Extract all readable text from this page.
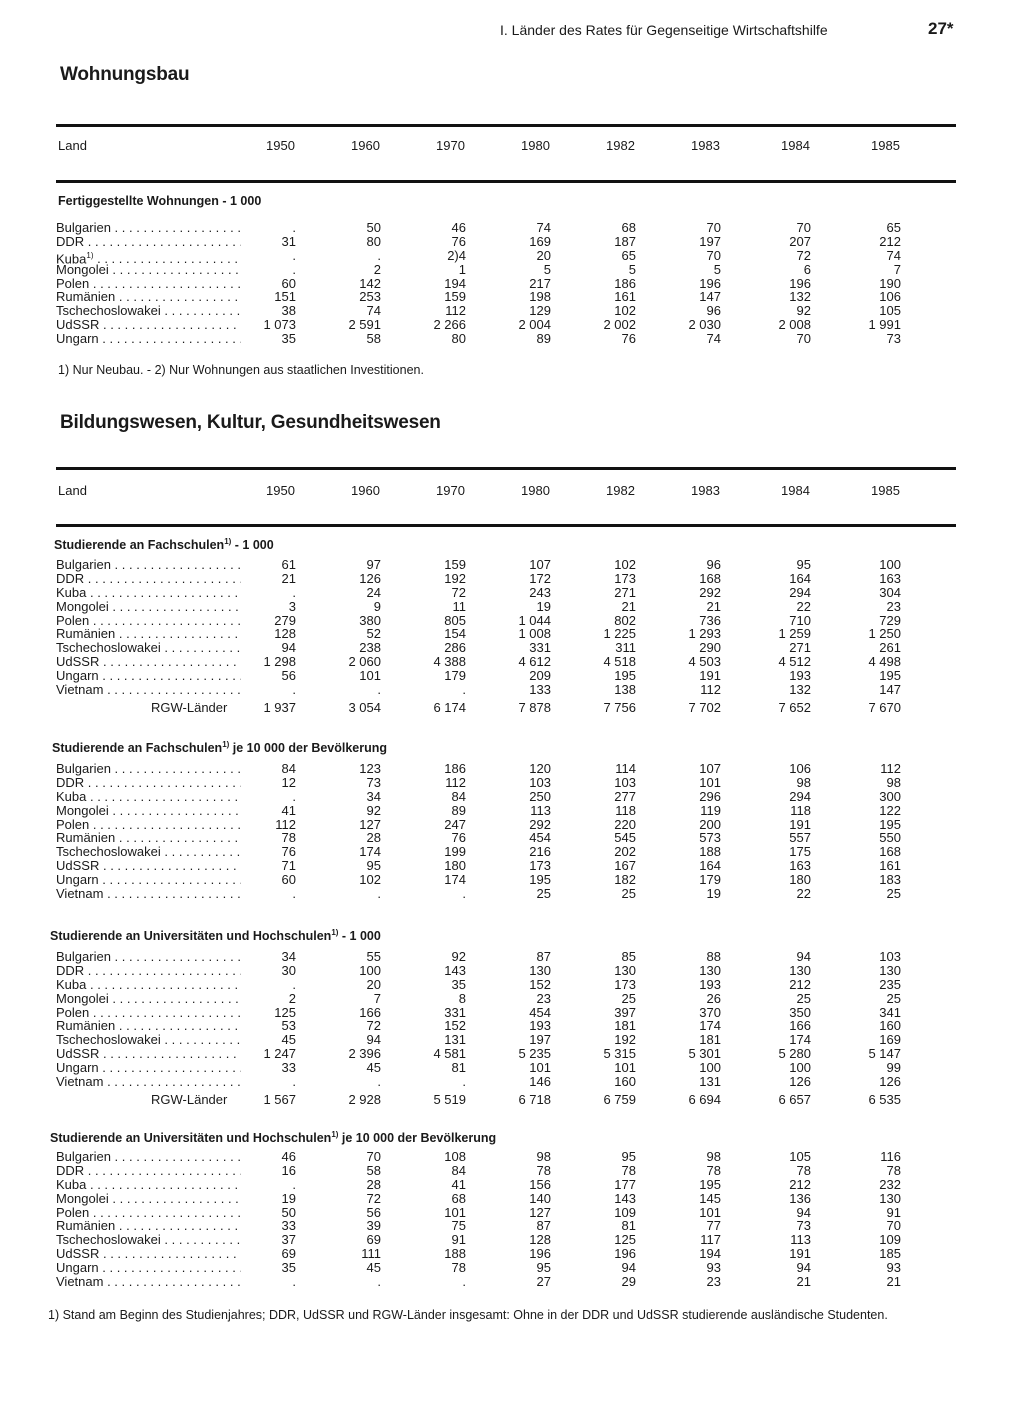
I. Länder des Rates für Gegenseitige Wirtschaftshilfe	27*
Wohnungsbau
Land	1950	1960	1970	1980	1982	1983	1984	1985
Fertiggestellte Wohnungen - 1 000
Bulgarien . . .	.	50	46	74	68	70	70	65
DDR . . .	31	80	76	169	187	197	207	212
Kuba$^{1)}$ . . .	.	.	2)4	20	65	70	72	74
Mongolei . . .	.	2	1	5	5	5	6	7
Polen . . .	60	142	194	217	186	196	196	190
Rumänien . . .	151	253	159	198	161	147	132	106
Tschechoslowakei . . .	38	74	112	129	102	96	92	105
UdSSR . . .	1 073	2 591	2 266	2 004	2 002	2 030	2 008	1 991
Ungarn . . .	35	58	80	89	76	74	70	73
1) Nur Neubau. - 2) Nur Wohnungen aus staatlichen Investitionen.
Bildungswesen, Kultur, Gesundheitswesen
Land	1950	1960	1970	1980	1982	1983	1984	1985
Studierende an Fachschulen$^{1)}$ - 1 000
Bulgarien . . .	61	97	159	107	102	96	95	100
DDR . . .	21	126	192	172	173	168	164	163
Kuba . . .	.	24	72	243	271	292	294	304
Mongolei . . .	3	9	11	19	21	21	22	23
Polen . . .	279	380	805	1 044	802	736	710	729
Rumänien . . .	128	52	154	1 008	1 225	1 293	1 259	1 250
Tschechoslowakei . . .	94	238	286	331	311	290	271	261
UdSSR . . .	1 298	2 060	4 388	4 612	4 518	4 503	4 512	4 498
Ungarn . . .	56	101	179	209	195	191	193	195
Vietnam . . .	.	.	.	133	138	112	132	147
RGW-Länder	1 937	3 054	6 174	7 878	7 756	7 702	7 652	7 670
Studierende an Fachschulen$^{1)}$ je 10 000 der Bevölkerung
Bulgarien . . .	84	123	186	120	114	107	106	112
DDR . . .	12	73	112	103	103	101	98	98
Kuba . . .	.	34	84	250	277	296	294	300
Mongolei . . .	41	92	89	113	118	119	118	122
Polen . . .	112	127	247	292	220	200	191	195
Rumänien . . .	78	28	76	454	545	573	557	550
Tschechoslowakei . . .	76	174	199	216	202	188	175	168
UdSSR . . .	71	95	180	173	167	164	163	161
Ungarn . . .	60	102	174	195	182	179	180	183
Vietnam . . .	.	.	.	25	25	19	22	25
Studierende an Universitäten und Hochschulen$^{1)}$ - 1 000
Bulgarien . . .	34	55	92	87	85	88	94	103
DDR . . .	30	100	143	130	130	130	130	130
Kuba . . .	.	20	35	152	173	193	212	235
Mongolei . . .	2	7	8	23	25	26	25	25
Polen . . .	125	166	331	454	397	370	350	341
Rumänien . . .	53	72	152	193	181	174	166	160
Tschechoslowakei . . .	45	94	131	197	192	181	174	169
UdSSR . . .	1 247	2 396	4 581	5 235	5 315	5 301	5 280	5 147
Ungarn . . .	33	45	81	101	101	100	100	99
Vietnam . . .	.	.	.	146	160	131	126	126
RGW-Länder	1 567	2 928	5 519	6 718	6 759	6 694	6 657	6 535
Studierende an Universitäten und Hochschulen$^{1)}$ je 10 000 der Bevölkerung
Bulgarien . . .	46	70	108	98	95	98	105	116
DDR . . .	16	58	84	78	78	78	78	78
Kuba . . .	.	28	41	156	177	195	212	232
Mongolei . . .	19	72	68	140	143	145	136	130
Polen . . .	50	56	101	127	109	101	94	91
Rumänien . . .	33	39	75	87	81	77	73	70
Tschechoslowakei . . .	37	69	91	128	125	117	113	109
UdSSR . . .	69	111	188	196	196	194	191	185
Ungarn . . .	35	45	78	95	94	93	94	93
Vietnam . . .	.	.	.	27	29	23	21	21
1) Stand am Beginn des Studienjahres; DDR, UdSSR und RGW-Länder insgesamt: Ohne in der DDR und UdSSR studierende ausländische Studenten.
